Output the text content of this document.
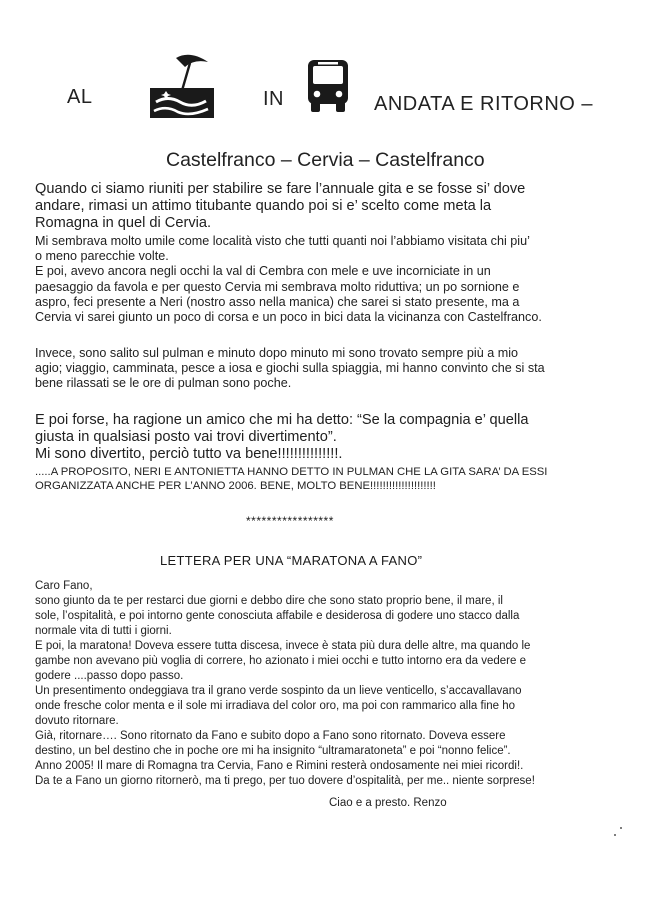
AL	IN	ANDATA E RITORNO –
Castelfranco – Cervia – Castelfranco
Quando ci siamo riuniti per stabilire se fare l’annuale gita e se fosse si’ dove
andare, rimasi un attimo titubante quando poi si e’ scelto come meta la
Romagna in quel di Cervia.
Mi sembrava molto umile come località visto che tutti quanti noi l’abbiamo visitata chi piu’
o meno parecchie volte.
E poi, avevo ancora negli occhi la val di Cembra con mele e uve incorniciate in un
paesaggio da favola e per questo Cervia mi sembrava molto riduttiva; un po sornione e
aspro, feci presente a Neri (nostro asso nella manica) che sarei si stato presente, ma a
Cervia vi sarei giunto un poco di corsa e un poco in bici data la vicinanza con Castelfranco.
Invece, sono salito sul pulman e minuto dopo minuto mi sono trovato sempre più a mio
agio; viaggio, camminata, pesce a iosa e giochi sulla spiaggia, mi hanno convinto che si sta
bene rilassati se le ore di pulman sono poche.
E poi forse, ha ragione un amico che mi ha detto: “Se la compagnia e’ quella
giusta in qualsiasi posto vai trovi divertimento”.
Mi sono divertito, perciò tutto va bene!!!!!!!!!!!!!!!.
.....A PROPOSITO, NERI E ANTONIETTA HANNO DETTO IN PULMAN CHE LA GITA SARA’ DA ESSI
ORGANIZZATA ANCHE PER L’ANNO 2006. BENE, MOLTO BENE!!!!!!!!!!!!!!!!!!!!!
*****************
LETTERA PER UNA “MARATONA A FANO”
Caro Fano,
sono giunto da te per restarci due giorni e debbo dire che sono stato proprio bene, il mare, il
sole, l’ospitalità, e poi intorno gente conosciuta affabile e desiderosa di godere uno stacco dalla
normale vita di tutti i giorni.
E poi, la maratona! Doveva essere tutta discesa, invece è stata più dura delle altre, ma quando le
gambe non avevano più voglia di correre, ho azionato i miei occhi e tutto intorno era da vedere e
godere ....passo dopo passo.
Un presentimento ondeggiava tra il grano verde sospinto da un lieve venticello, s’accavallavano
onde fresche color menta e il sole mi irradiava del color oro, ma poi con rammarico alla fine ho
dovuto ritornare.
Già, ritornare…. Sono ritornato da Fano e subito dopo a Fano sono ritornato. Doveva essere
destino, un bel destino che in poche ore mi ha insignito “ultramaratoneta” e poi “nonno felice”.
Anno 2005! Il mare di Romagna tra Cervia, Fano e Rimini resterà ondosamente nei miei ricordi!.
Da te a Fano un giorno ritornerò, ma ti prego, per tuo dovere d’ospitalità, per me.. niente sorprese!
Ciao e a presto. Renzo
